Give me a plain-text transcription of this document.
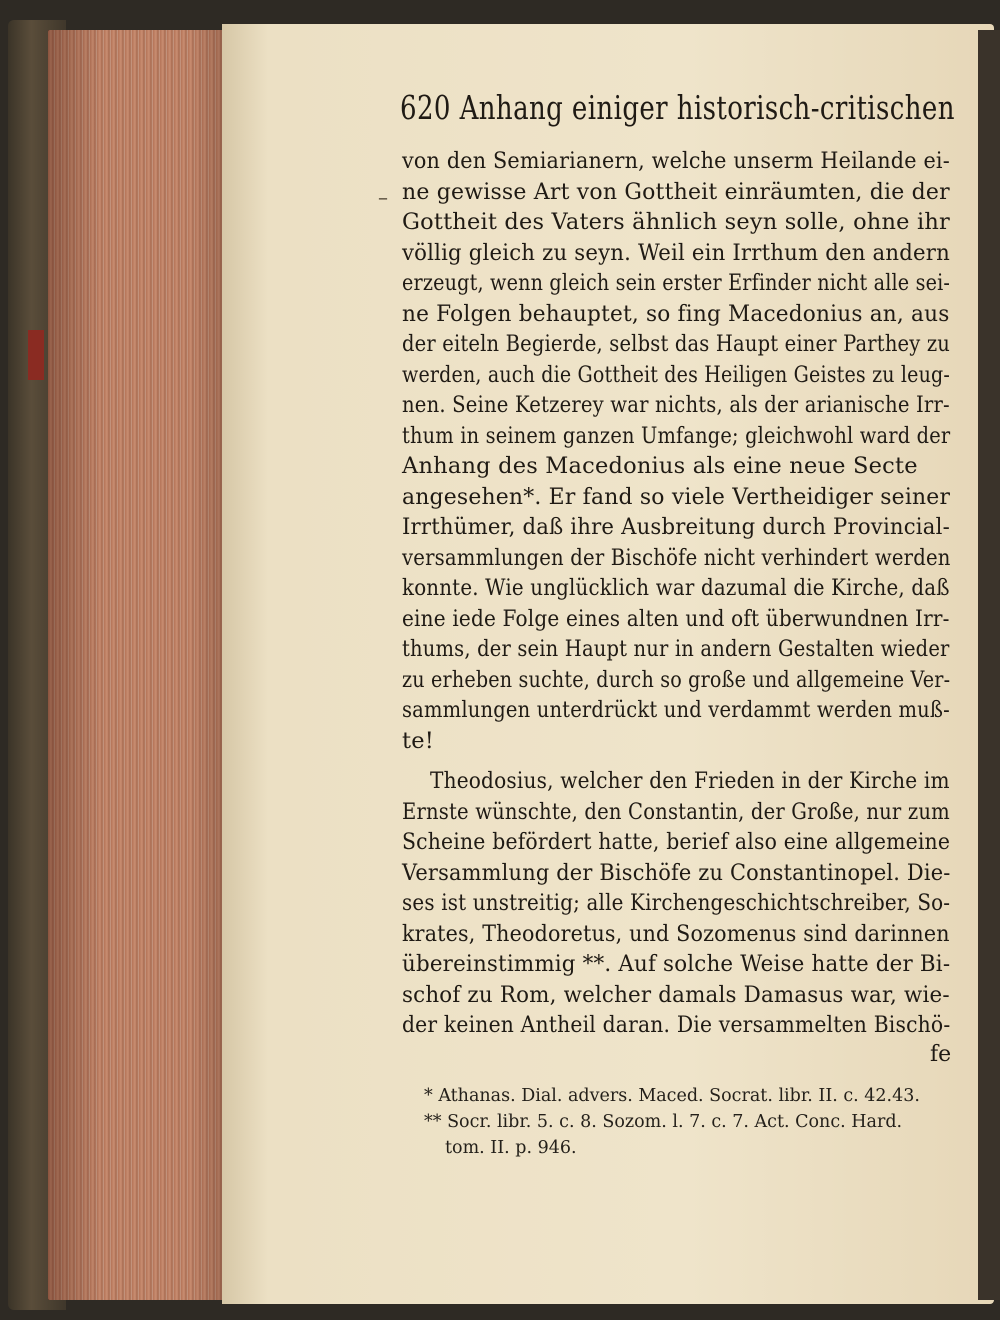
620 Anhang einiger historisch-critischen
–
von den Semiarianern, welche unserm Heilande ei-
ne gewisse Art von Gottheit einräumten, die der
Gottheit des Vaters ähnlich seyn solle, ohne ihr
völlig gleich zu seyn. Weil ein Irrthum den andern
erzeugt, wenn gleich sein erster Erfinder nicht alle sei-
ne Folgen behauptet, so fing Macedonius an, aus
der eiteln Begierde, selbst das Haupt einer Parthey zu
werden, auch die Gottheit des Heiligen Geistes zu leug-
nen. Seine Ketzerey war nichts, als der arianische Irr-
thum in seinem ganzen Umfange; gleichwohl ward der
Anhang des Macedonius als eine neue Secte
angesehen*. Er fand so viele Vertheidiger seiner
Irrthümer, daß ihre Ausbreitung durch Provincial-
versammlungen der Bischöfe nicht verhindert werden
konnte. Wie unglücklich war dazumal die Kirche, daß
eine iede Folge eines alten und oft überwundnen Irr-
thums, der sein Haupt nur in andern Gestalten wieder
zu erheben suchte, durch so große und allgemeine Ver-
sammlungen unterdrückt und verdammt werden muß-
te!
Theodosius, welcher den Frieden in der Kirche im
Ernste wünschte, den Constantin, der Große, nur zum
Scheine befördert hatte, berief also eine allgemeine
Versammlung der Bischöfe zu Constantinopel. Die-
ses ist unstreitig; alle Kirchengeschichtschreiber, So-
krates, Theodoretus, und Sozomenus sind darinnen
übereinstimmig **. Auf solche Weise hatte der Bi-
schof zu Rom, welcher damals Damasus war, wie-
der keinen Antheil daran. Die versammelten Bischö-
fe
* Athanas. Dial. advers. Maced. Socrat. libr. II. c. 42.43.
** Socr. libr. 5. c. 8. Sozom. l. 7. c. 7. Act. Conc. Hard.
tom. II. p. 946.
